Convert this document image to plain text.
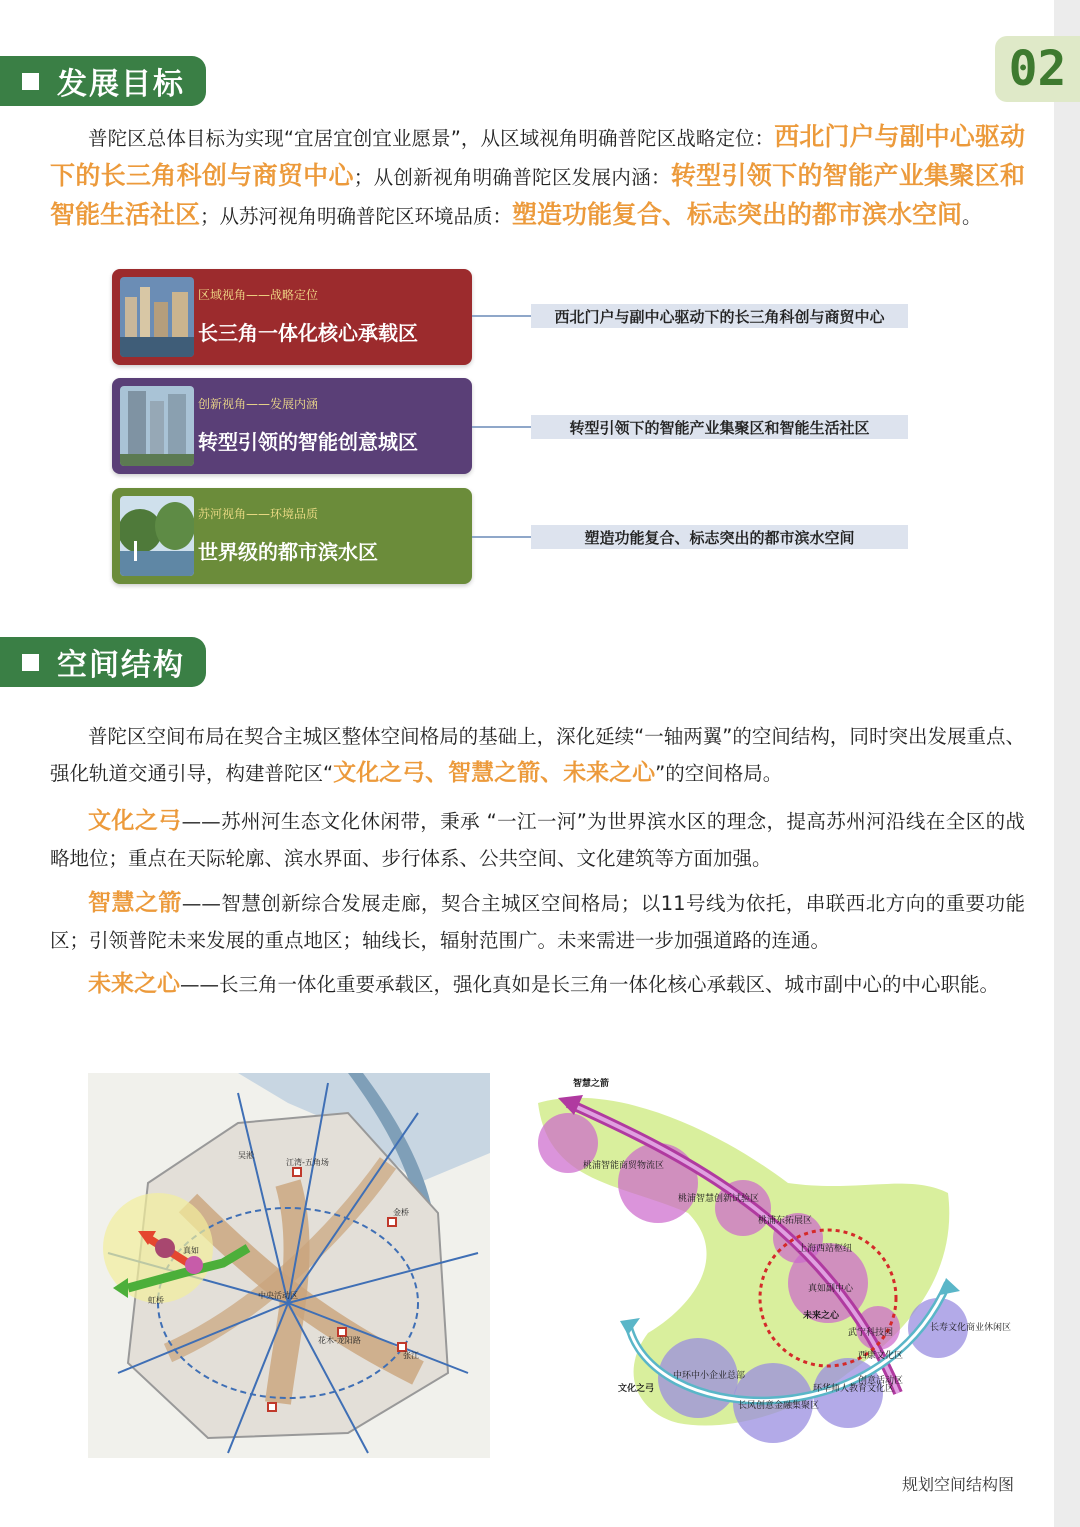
02
发展目标
普陀区总体目标为实现“宜居宜创宜业愿景”，从区域视角明确普陀区战略定位：西北门户与副中心驱动下的长三角科创与商贸中心；从创新视角明确普陀区发展内涵：转型引领下的智能产业集聚区和智能生活社区；从苏河视角明确普陀区环境品质：塑造功能复合、标志突出的都市滨水空间。
区域视角——战略定位
长三角一体化核心承载区
西北门户与副中心驱动下的长三角科创与商贸中心
创新视角——发展内涵
转型引领的智能创意城区
转型引领下的智能产业集聚区和智能生活社区
苏河视角——环境品质
世界级的都市滨水区
塑造功能复合、标志突出的都市滨水空间
空间结构
普陀区空间布局在契合主城区整体空间格局的基础上，深化延续“一轴两翼”的空间结构，同时突出发展重点、强化轨道交通引导，构建普陀区“文化之弓、智慧之箭、未来之心”的空间格局。
文化之弓——苏州河生态文化休闲带，秉承 “一江一河”为世界滨水区的理念，提高苏州河沿线在全区的战略地位；重点在天际轮廓、滨水界面、步行体系、公共空间、文化建筑等方面加强。
智慧之箭——智慧创新综合发展走廊，契合主城区空间格局；以11号线为依托，串联西北方向的重要功能区；引领普陀未来发展的重点地区；轴线长，辐射范围广。未来需进一步加强道路的连通。
未来之心——长三角一体化重要承载区，强化真如是长三角一体化核心承载区、城市副中心的中心职能。
江湾-五角场
中央活动区
花木-龙阳路
张江
金桥
真如
虹桥
吴淞
智慧之箭
文化之弓
未来之心
桃浦智能商贸物流区
桃浦智慧创新试验区
桃浦东拓展区
上海西站枢纽
真如副中心
武宁科技园	长寿文化商业休闲区
中环中小企业总部
长风创意金融集聚区
环华师人教育文化区
创意活动区
西康文化区
规划空间结构图
